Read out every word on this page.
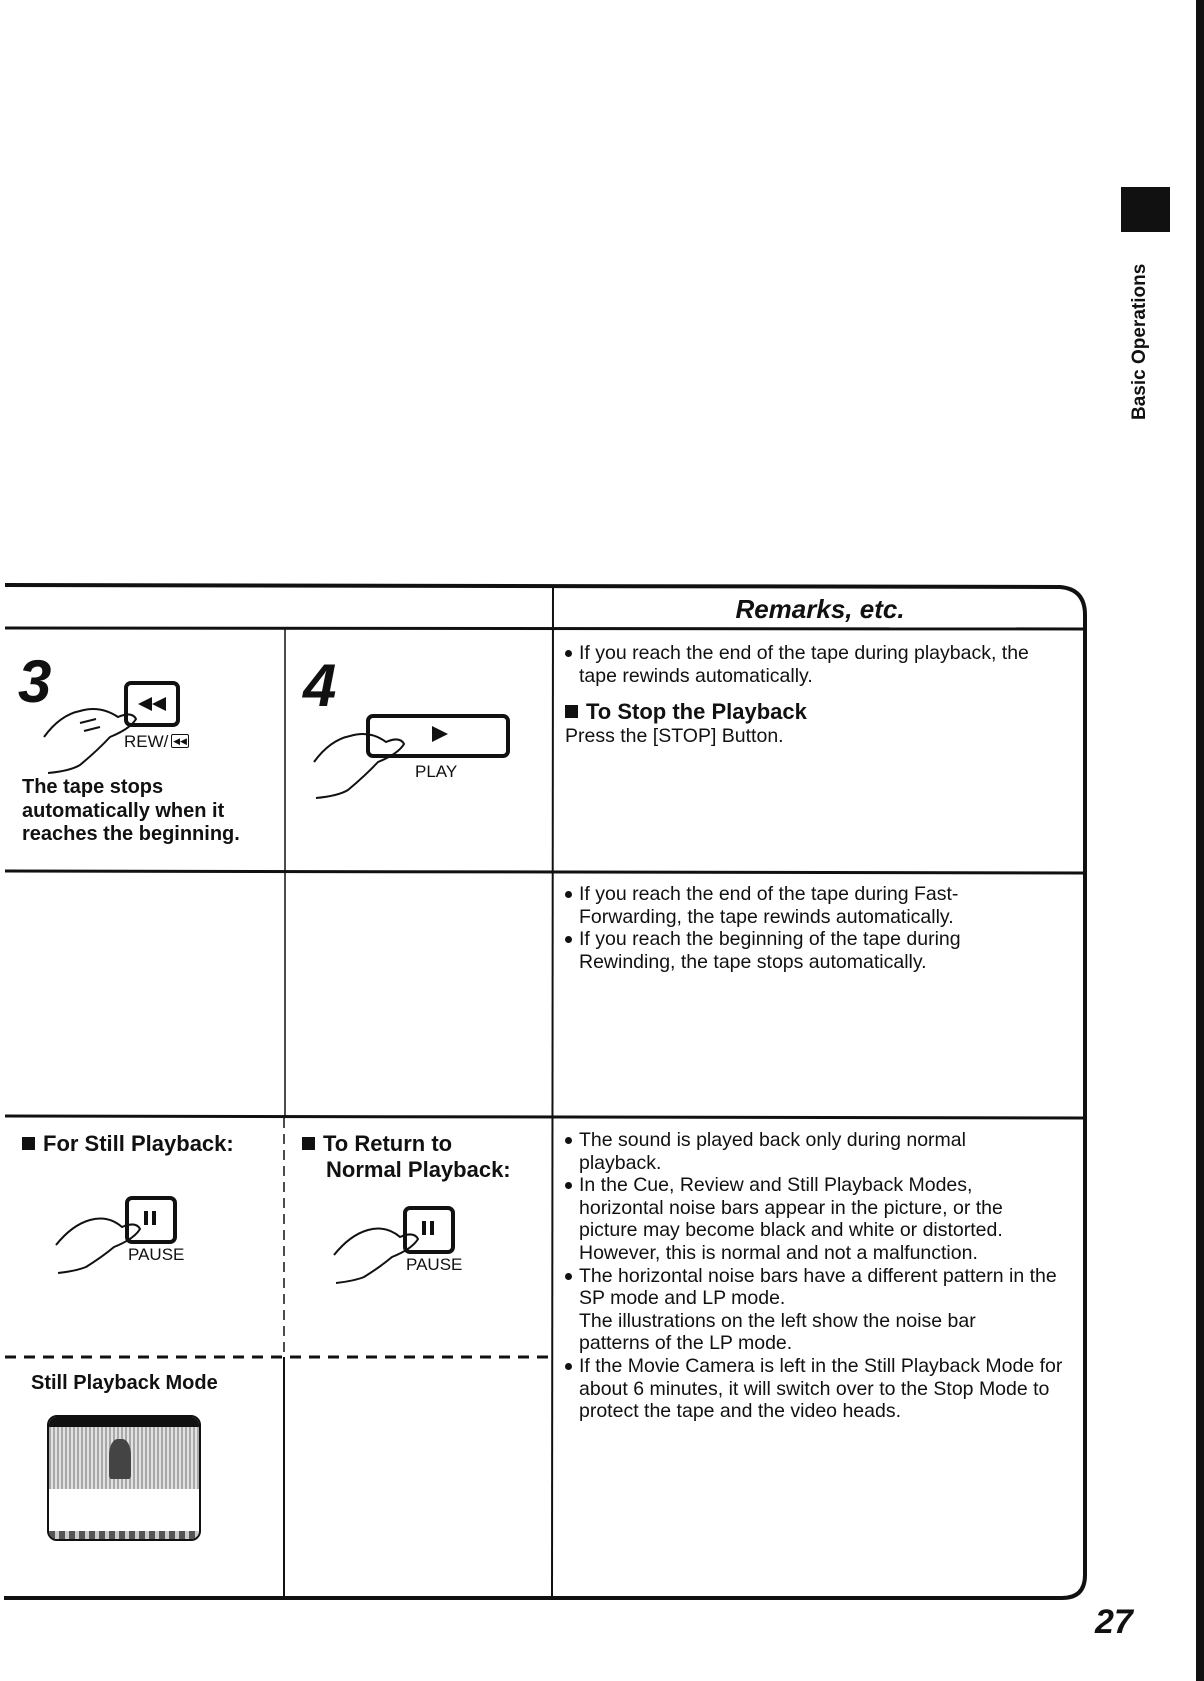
Basic Operations
Remarks, etc.
3
REW/ ◀◀
The tape stops
automatically when it
reaches the beginning.
4
PLAY
For Still Playback:
PAUSE
Still Playback Mode
To Return to
Normal Playback:
PAUSE
If you reach the end of the tape during playback, the tape rewinds automatically.
To Stop the Playback
Press the [STOP] Button.
If you reach the end of the tape during Fast-Forwarding, the tape rewinds automatically.
If you reach the beginning of the tape during Rewinding, the tape stops automatically.
The sound is played back only during normal playback.
In the Cue, Review and Still Playback Modes, horizontal noise bars appear in the picture, or the picture may become black and white or distorted. However, this is normal and not a malfunction.
The horizontal noise bars have a different pattern in the SP mode and LP mode.
The illustrations on the left show the noise bar patterns of the LP mode.
If the Movie Camera is left in the Still Playback Mode for about 6 minutes, it will switch over to the Stop Mode to protect the tape and the video heads.
27
